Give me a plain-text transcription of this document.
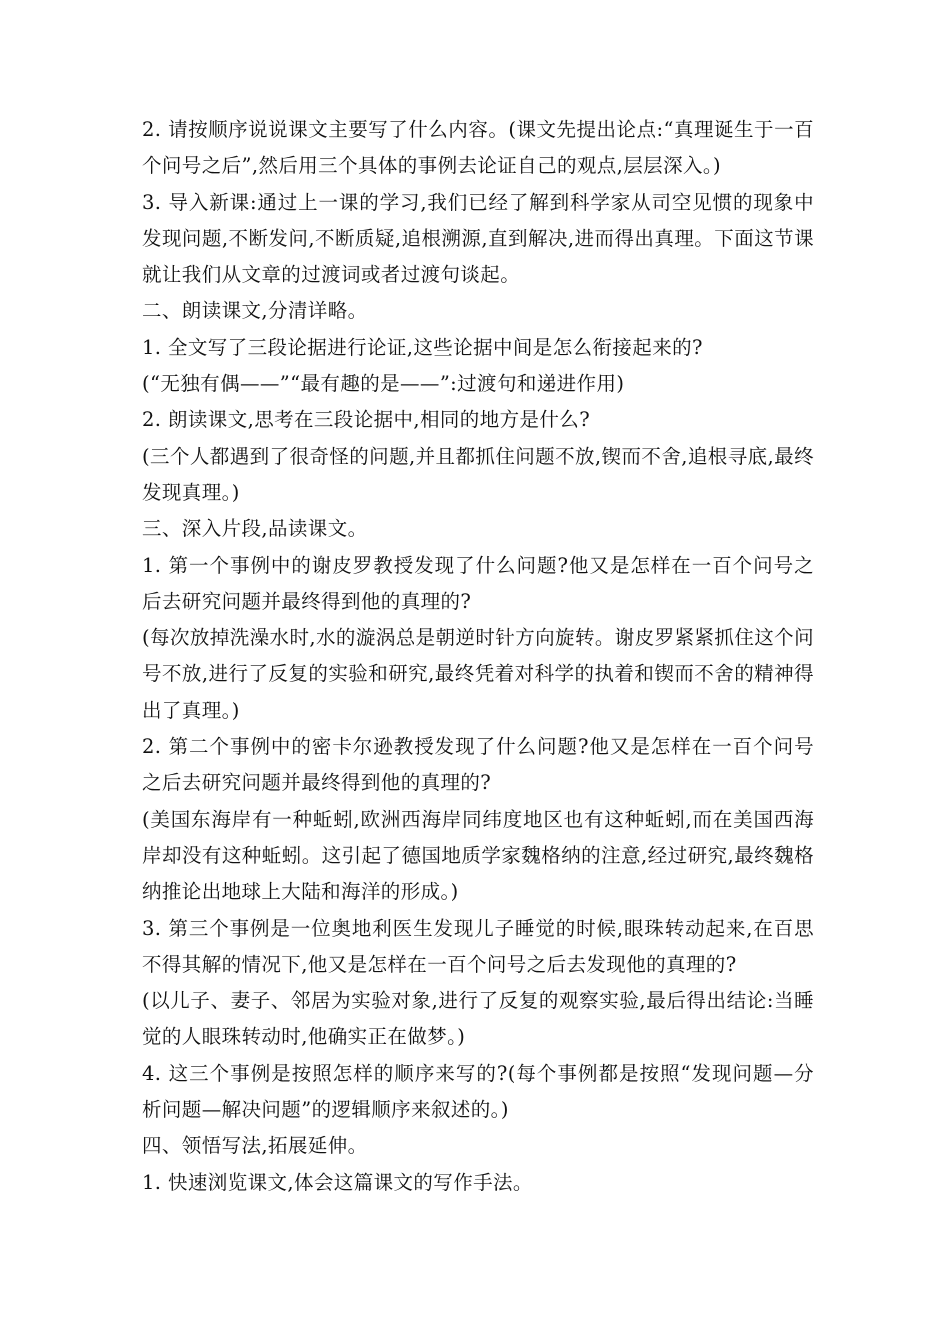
2. 请按顺序说说课文主要写了什么内容。(课文先提出论点:“真理诞生于一百个问号之后”,然后用三个具体的事例去论证自己的观点,层层深入。)

3. 导入新课:通过上一课的学习,我们已经了解到科学家从司空见惯的现象中发现问题,不断发问,不断质疑,追根溯源,直到解决,进而得出真理。下面这节课就让我们从文章的过渡词或者过渡句谈起。

二、朗读课文,分清详略。

1. 全文写了三段论据进行论证,这些论据中间是怎么衔接起来的?

(“无独有偶——”“最有趣的是——”:过渡句和递进作用)

2. 朗读课文,思考在三段论据中,相同的地方是什么?

(三个人都遇到了很奇怪的问题,并且都抓住问题不放,锲而不舍,追根寻底,最终发现真理。)

三、深入片段,品读课文。

1. 第一个事例中的谢皮罗教授发现了什么问题?他又是怎样在一百个问号之后去研究问题并最终得到他的真理的?

(每次放掉洗澡水时,水的漩涡总是朝逆时针方向旋转。谢皮罗紧紧抓住这个问号不放,进行了反复的实验和研究,最终凭着对科学的执着和锲而不舍的精神得出了真理。)

2. 第二个事例中的密卡尔逊教授发现了什么问题?他又是怎样在一百个问号之后去研究问题并最终得到他的真理的?

(美国东海岸有一种蚯蚓,欧洲西海岸同纬度地区也有这种蚯蚓,而在美国西海岸却没有这种蚯蚓。这引起了德国地质学家魏格纳的注意,经过研究,最终魏格纳推论出地球上大陆和海洋的形成。)

3. 第三个事例是一位奥地利医生发现儿子睡觉的时候,眼珠转动起来,在百思不得其解的情况下,他又是怎样在一百个问号之后去发现他的真理的?

(以儿子、妻子、邻居为实验对象,进行了反复的观察实验,最后得出结论:当睡觉的人眼珠转动时,他确实正在做梦。)

4. 这三个事例是按照怎样的顺序来写的?(每个事例都是按照“发现问题—分析问题—解决问题”的逻辑顺序来叙述的。)

四、领悟写法,拓展延伸。

1. 快速浏览课文,体会这篇课文的写作手法。
